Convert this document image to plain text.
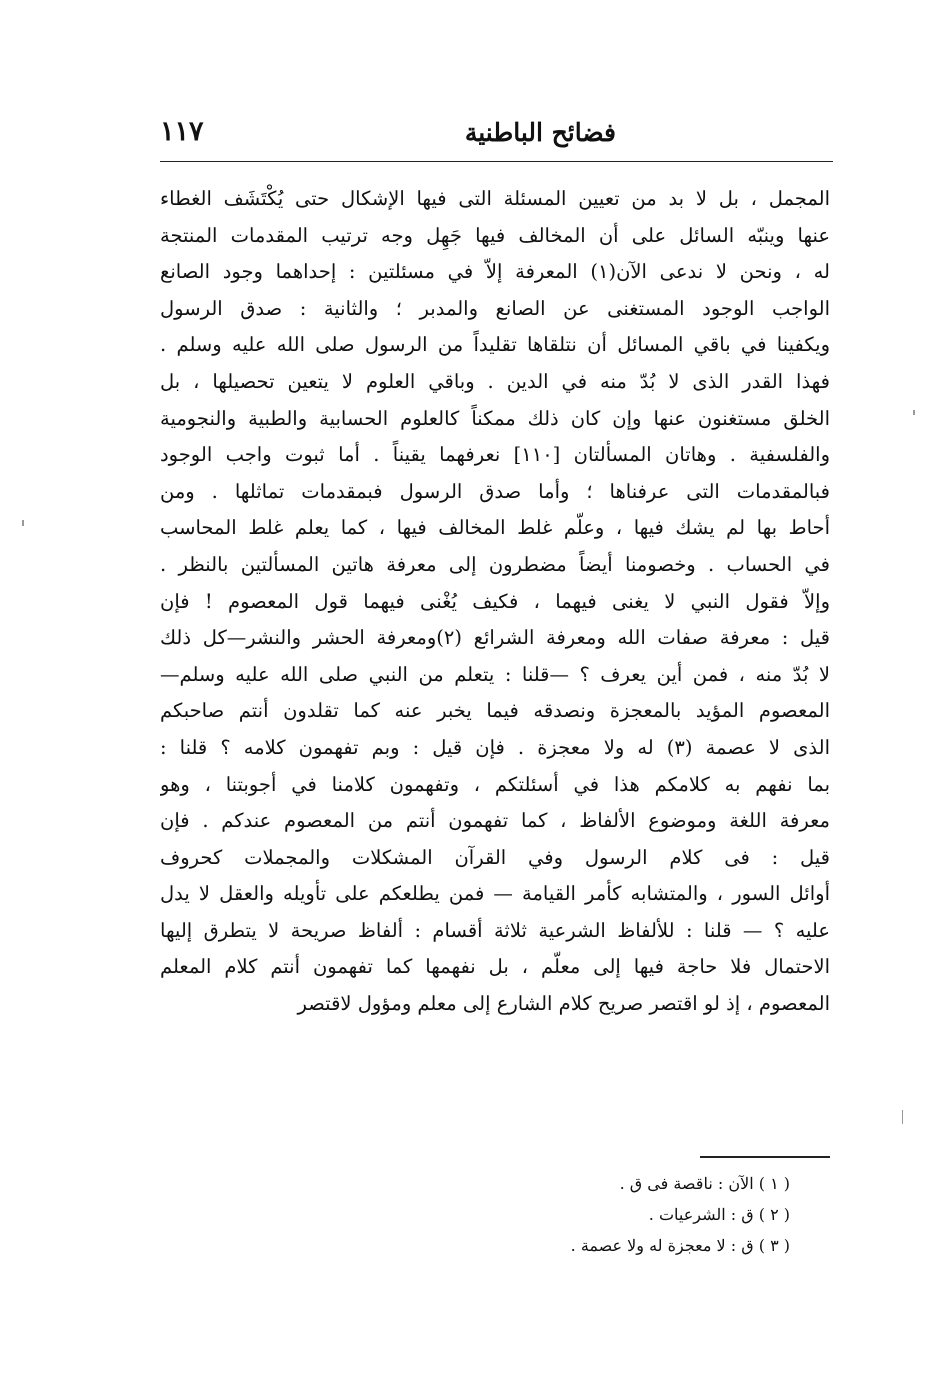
فضائح الباطنية
١١٧
المجمل ، بل لا بد من تعيين المسئلة التى فيها الإشكال حتى يُكْتَشَف الغطاء
عنها وينبّه السائل على أن المخالف فيها جَهِل وجه ترتيب المقدمات المنتجة
له ، ونحن لا ندعى الآن(١) المعرفة إلاّ في مسئلتين : إحداهما وجود الصانع
الواجب الوجود المستغنى عن الصانع والمدبر ؛ والثانية : صدق الرسول
ويكفينا في باقي المسائل أن نتلقاها تقليداً من الرسول صلى الله عليه وسلم .
فهذا القدر الذى لا بُدّ منه في الدين . وباقي العلوم لا يتعين تحصيلها ، بل
الخلق مستغنون عنها وإن كان ذلك ممكناً كالعلوم الحسابية والطبية والنجومية
والفلسفية . وهاتان المسألتان [١١٠] نعرفهما يقيناً . أما ثبوت واجب الوجود
فبالمقدمات التى عرفناها ؛ وأما صدق الرسول فبمقدمات تماثلها . ومن
أحاط بها لم يشك فيها ، وعلّم غلط المخالف فيها ، كما يعلم غلط المحاسب
في الحساب . وخصومنا أيضاً مضطرون إلى معرفة هاتين المسألتين بالنظر .
وإلاّ فقول النبي لا يغنى فيهما ، فكيف يُغْنى فيهما قول المعصوم ! فإن
قيل : معرفة صفات الله ومعرفة الشرائع (٢)ومعرفة الحشر والنشر—كل ذلك
لا بُدّ منه ، فمن أين يعرف ؟ —قلنا : يتعلم من النبي صلى الله عليه وسلم—
المعصوم المؤيد بالمعجزة ونصدقه فيما يخبر عنه كما تقلدون أنتم صاحبكم
الذى لا عصمة (٣) له ولا معجزة . فإن قيل : وبم تفهمون كلامه ؟ قلنا :
بما نفهم به كلامكم هذا في أسئلتكم ، وتفهمون كلامنا في أجوبتنا ، وهو
معرفة اللغة وموضوع الألفاظ ، كما تفهمون أنتم من المعصوم عندكم . فإن
قيل : فى كلام الرسول وفي القرآن المشكلات والمجملات كحروف
أوائل السور ، والمتشابه كأمر القيامة — فمن يطلعكم على تأويله والعقل لا يدل
عليه ؟ — قلنا : للألفاظ الشرعية ثلاثة أقسام : ألفاظ صريحة لا يتطرق إليها
الاحتمال فلا حاجة فيها إلى معلّم ، بل نفهمها كما تفهمون أنتم كلام المعلم
المعصوم ، إذ لو اقتصر صريح كلام الشارع إلى معلم ومؤول لاقتصر
( ١ ) الآن : ناقصة فى ق .
( ٢ ) ق : الشرعيات .
( ٣ ) ق : لا معجزة له ولا عصمة .
